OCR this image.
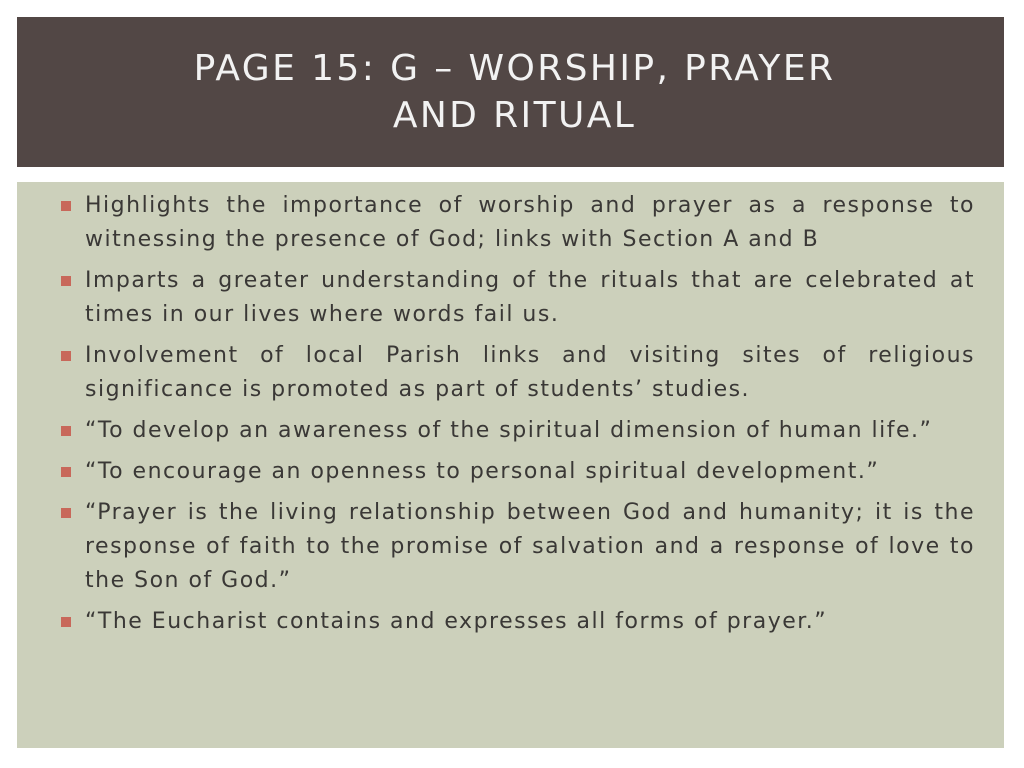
PAGE 15: G – WORSHIP, PRAYER AND RITUAL
Highlights the importance of worship and prayer as a response to witnessing the presence of God; links with Section A and B
Imparts a greater understanding of the rituals that are celebrated at times in our lives where words fail us.
Involvement of local Parish links and visiting sites of religious significance is promoted as part of students’ studies.
“To develop an awareness of the spiritual dimension of human life.”
“To encourage an openness to personal spiritual development.”
“Prayer is the living relationship between God and humanity; it is the response of faith to the promise of salvation and a response of love to the Son of God.”
“The Eucharist contains and expresses all forms of prayer.”
